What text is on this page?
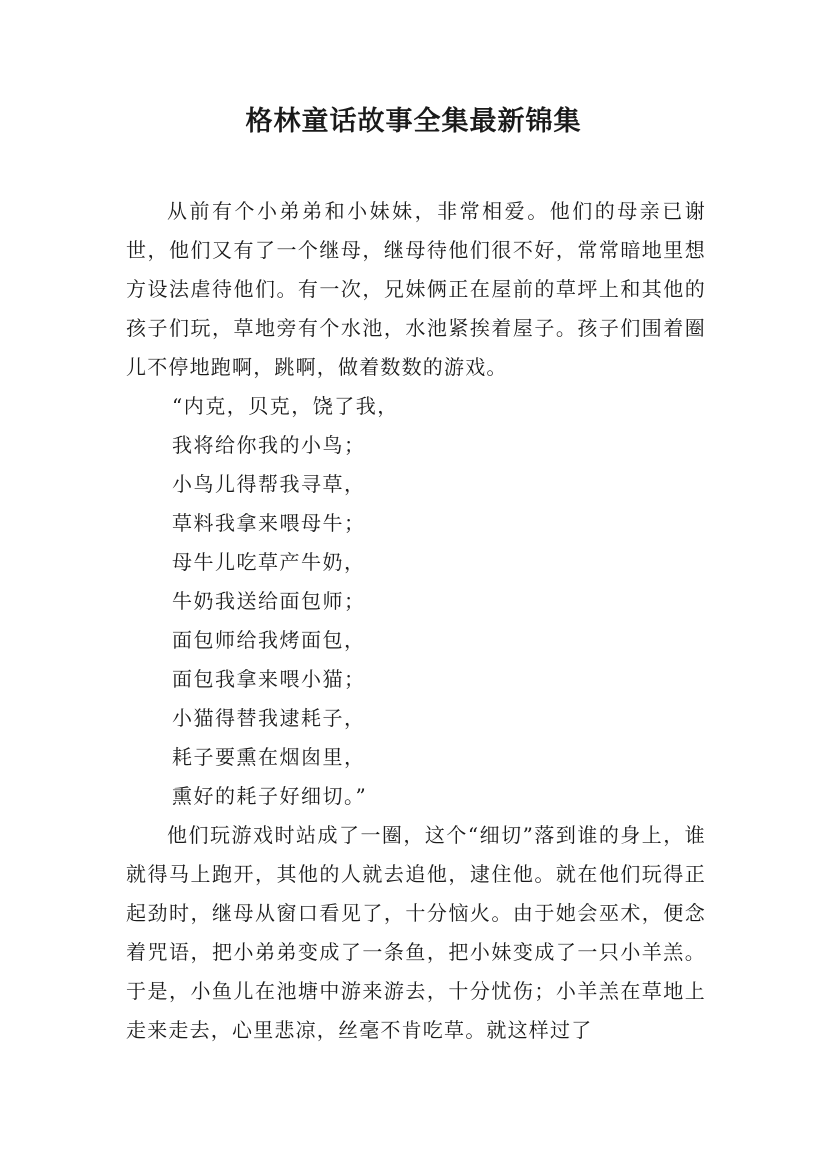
格林童话故事全集最新锦集

从前有个小弟弟和小妹妹，非常相爱。他们的母亲已谢世，他们又有了一个继母，继母待他们很不好，常常暗地里想方设法虐待他们。有一次，兄妹俩正在屋前的草坪上和其他的孩子们玩，草地旁有个水池，水池紧挨着屋子。孩子们围着圈儿不停地跑啊，跳啊，做着数数的游戏。

“内克，贝克，饶了我，
我将给你我的小鸟；
小鸟儿得帮我寻草，
草料我拿来喂母牛；
母牛儿吃草产牛奶，
牛奶我送给面包师；
面包师给我烤面包，
面包我拿来喂小猫；
小猫得替我逮耗子，
耗子要熏在烟囱里，
熏好的耗子好细切。”

他们玩游戏时站成了一圈，这个“细切”落到谁的身上，谁就得马上跑开，其他的人就去追他，逮住他。就在他们玩得正起劲时，继母从窗口看见了，十分恼火。由于她会巫术，便念着咒语，把小弟弟变成了一条鱼，把小妹变成了一只小羊羔。于是，小鱼儿在池塘中游来游去，十分忧伤；小羊羔在草地上走来走去，心里悲凉，丝毫不肯吃草。就这样过了
